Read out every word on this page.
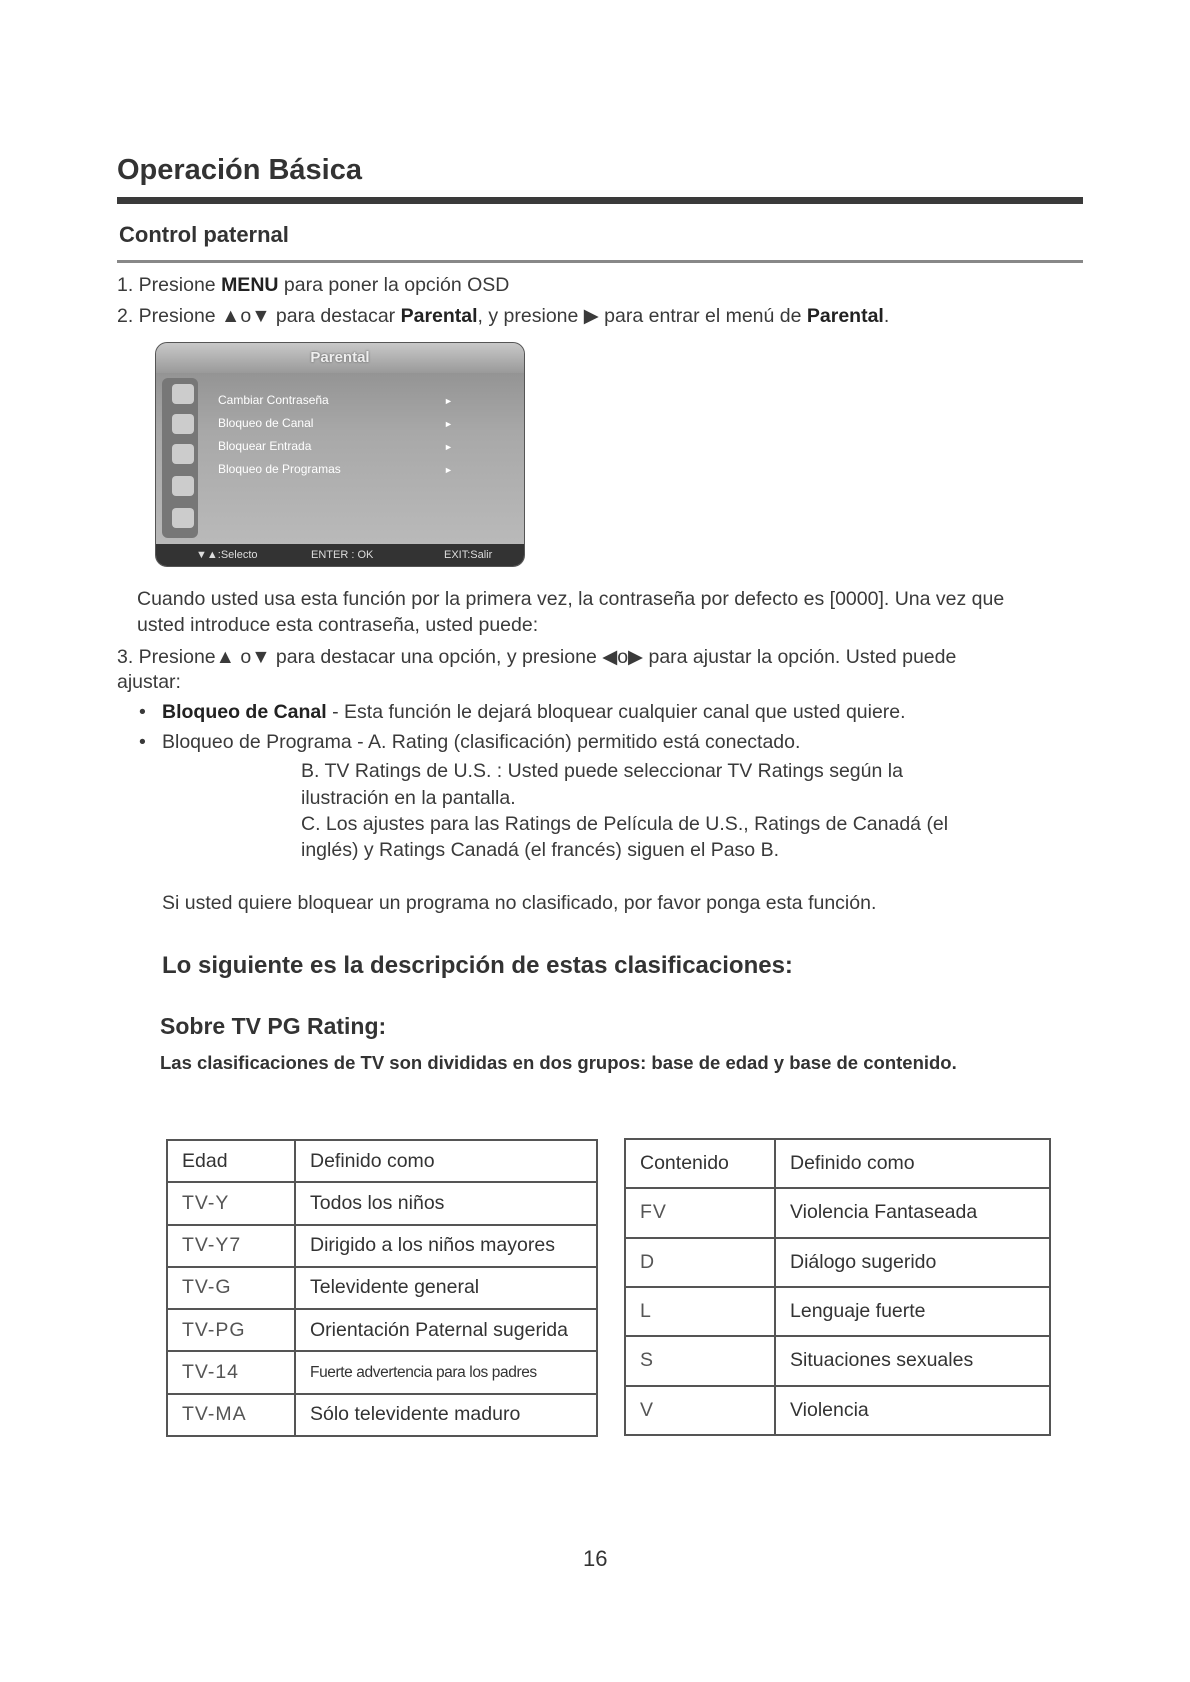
Operación Básica
Control paternal
1. Presione MENU para poner la opción OSD
2. Presione ▲o▼ para destacar Parental, y presione ▶ para entrar el menú de Parental.
Parental
Cambiar Contraseña
Bloqueo de Canal
Bloquear Entrada
Bloqueo de Programas
►
►
►
►
▼▲:Selecto	ENTER : OK	EXIT:Salir
Cuando usted usa esta función por la primera vez, la contraseña por defecto es [0000]. Una vez que
usted introduce esta contraseña, usted puede:
3. Presione▲ o▼ para destacar una opción, y presione ◀o▶ para ajustar la opción. Usted puede
ajustar:
• Bloqueo de Canal - Esta función le dejará bloquear cualquier canal que usted quiere.
• Bloqueo de Programa - A. Rating (clasificación) permitido está conectado.
B. TV Ratings de U.S. : Usted puede seleccionar TV Ratings según la
ilustración en la pantalla.
C. Los ajustes para las Ratings de Película de U.S., Ratings de Canadá (el
inglés) y Ratings Canadá (el francés) siguen el Paso B.
Si usted quiere bloquear un programa no clasificado, por favor ponga esta función.
Lo siguiente es la descripción de estas clasificaciones:
Sobre TV PG Rating:
Las clasificaciones de TV son divididas en dos grupos: base de edad y base de contenido.
Edad	Definido como
TV-Y	Todos los niños
TV-Y7	Dirigido a los niños mayores
TV-G	Televidente general
TV-PG	Orientación Paternal sugerida
TV-14	Fuerte advertencia para los padres
TV-MA	Sólo televidente maduro
Contenido	Definido como
FV	Violencia Fantaseada
D	Diálogo sugerido
L	Lenguaje fuerte
S	Situaciones sexuales
V	Violencia
16
